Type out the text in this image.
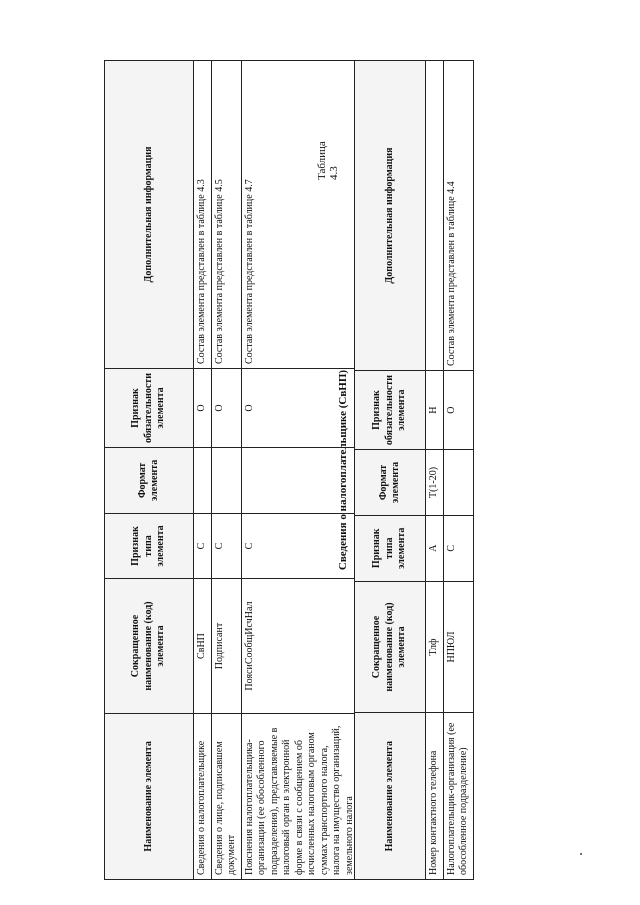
Наименование элемента	Сокращенное наименование (код) элемента	Признак типа элемента	Формат элемента	Признак обязательности элемента	Дополнительная информация
Сведения о налогоплательщике	СвНП	С		О	Состав элемента представлен в таблице 4.3
Сведения о лице, подписавшем документ	Подписант	С		О	Состав элемента представлен в таблице 4.5
Пояснения налогоплательщика-организации (ее обособленного подразделения), представляемые в налоговый орган в электронной форме в связи с сообщением об исчисленных налоговым органом суммах транспортного налога, налога на имущество организаций, земельного налога	ПоясиСообщИсчНал	С		О	Состав элемента представлен в таблице 4.7
Таблица 4.3
Сведения о налогоплательщике (СвНП)
Наименование элемента	Сокращенное наименование (код) элемента	Признак типа элемента	Формат элемента	Признак обязательности элемента	Дополнительная информация
Номер контактного телефона	Тлф	А	Т(1-20)	Н	
Налогоплательщик-организация (ее обособленное подразделение)	НПЮЛ	С		О	Состав элемента представлен в таблице 4.4
